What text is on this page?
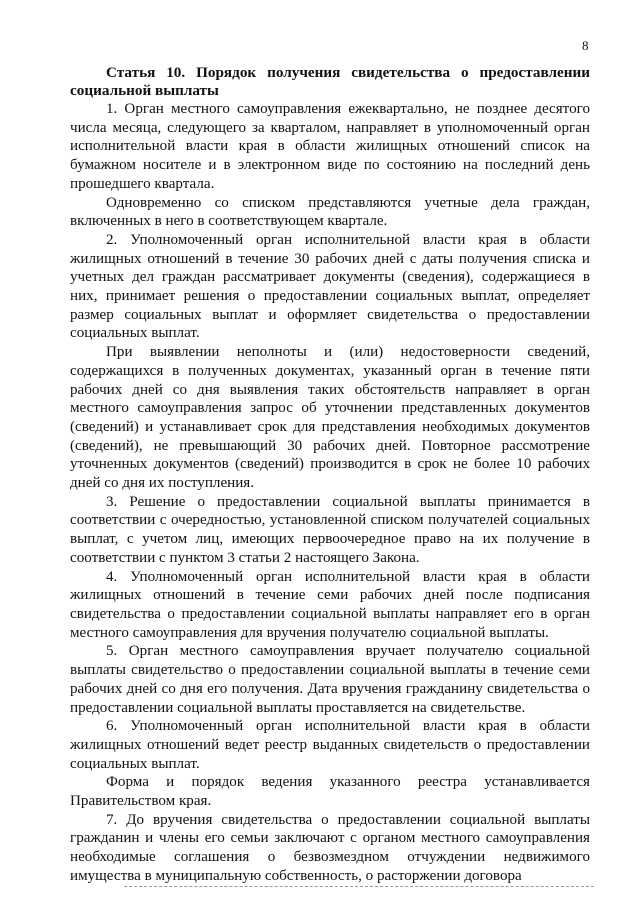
8

Статья 10. Порядок получения свидетельства о предоставлении социальной выплаты

1. Орган местного самоуправления ежеквартально, не позднее десятого числа месяца, следующего за кварталом, направляет в уполномоченный орган исполнительной власти края в области жилищных отношений список на бумажном носителе и в электронном виде по состоянию на последний день прошедшего квартала.

Одновременно со списком представляются учетные дела граждан, включенных в него в соответствующем квартале.

2. Уполномоченный орган исполнительной власти края в области жилищных отношений в течение 30 рабочих дней с даты получения списка и учетных дел граждан рассматривает документы (сведения), содержащиеся в них, принимает решения о предоставлении социальных выплат, определяет размер социальных выплат и оформляет свидетельства о предоставлении социальных выплат.

При выявлении неполноты и (или) недостоверности сведений, содержащихся в полученных документах, указанный орган в течение пяти рабочих дней со дня выявления таких обстоятельств направляет в орган местного самоуправления запрос об уточнении представленных документов (сведений) и устанавливает срок для представления необходимых документов (сведений), не превышающий 30 рабочих дней. Повторное рассмотрение уточненных документов (сведений) производится в срок не более 10 рабочих дней со дня их поступления.

3. Решение о предоставлении социальной выплаты принимается в соответствии с очередностью, установленной списком получателей социальных выплат, с учетом лиц, имеющих первоочередное право на их получение в соответствии с пунктом 3 статьи 2 настоящего Закона.

4. Уполномоченный орган исполнительной власти края в области жилищных отношений в течение семи рабочих дней после подписания свидетельства о предоставлении социальной выплаты направляет его в орган местного самоуправления для вручения получателю социальной выплаты.

5. Орган местного самоуправления вручает получателю социальной выплаты свидетельство о предоставлении социальной выплаты в течение семи рабочих дней со дня его получения. Дата вручения гражданину свидетельства о предоставлении социальной выплаты проставляется на свидетельстве.

6. Уполномоченный орган исполнительной власти края в области жилищных отношений ведет реестр выданных свидетельств о предоставлении социальных выплат.

Форма и порядок ведения указанного реестра устанавливается Правительством края.

7. До вручения свидетельства о предоставлении социальной выплаты гражданин и члены его семьи заключают с органом местного самоуправления необходимые соглашения о безвозмездном отчуждении недвижимого имущества в муниципальную собственность, о расторжении договора
